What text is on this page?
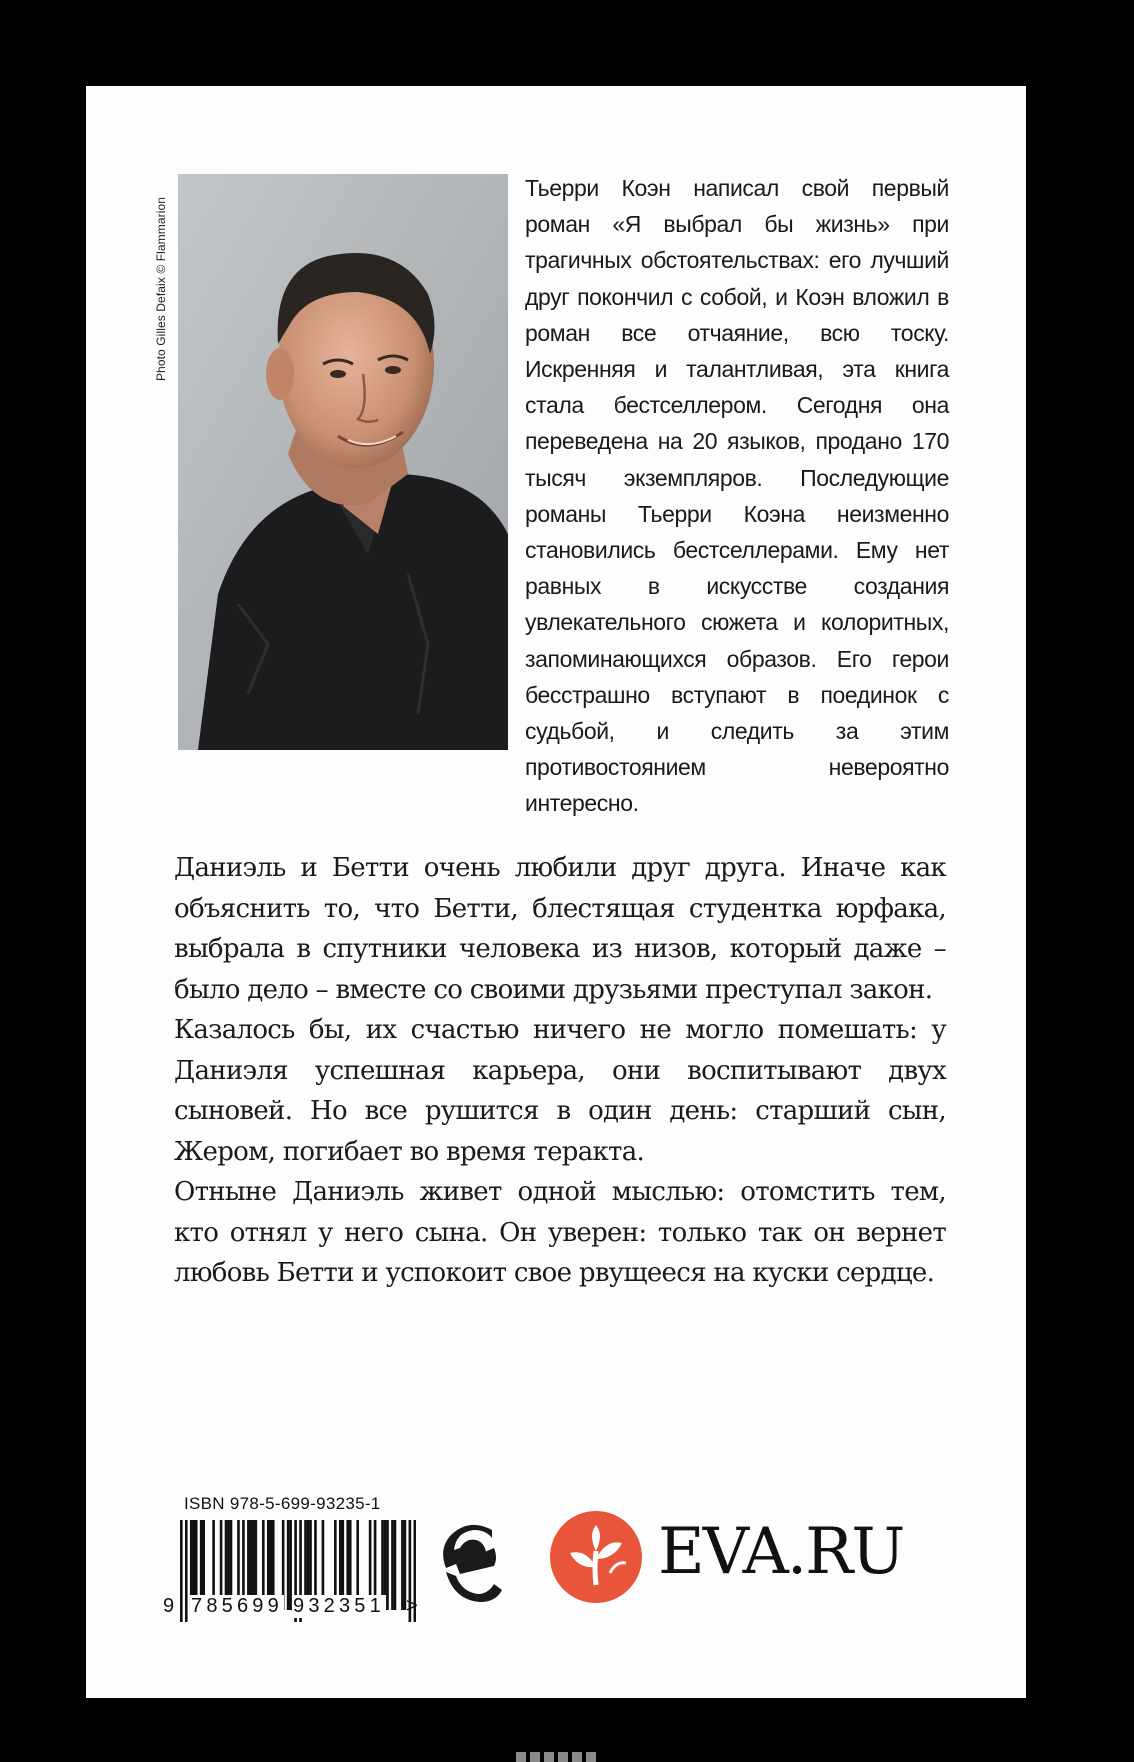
Photo Gilles Defaix © Flammarion
Тьерри Коэн написал свой первый роман «Я выбрал бы жизнь» при трагичных обстоятельствах: его лучший друг покончил с собой, и Коэн вложил в роман все отчаяние, всю тоску. Искренняя и талантливая, эта книга стала бестселлером. Сегодня она переведена на 20 языков, продано 170 тысяч экземпляров. Последующие романы Тьерри Коэна неизменно становились бестселлерами. Ему нет равных в искусстве создания увлекательного сюжета и колоритных, запоминающихся образов. Его герои бесстрашно вступают в поединок с судьбой, и следить за этим противостоянием невероятно интересно.

Даниэль и Бетти очень любили друг друга. Иначе как объяснить то, что Бетти, блестящая студентка юрфака, выбрала в спутники человека из низов, который даже – было дело – вместе со своими друзьями преступал закон.

Казалось бы, их счастью ничего не могло помешать: у Даниэля успешная карьера, они воспитывают двух сыновей. Но все рушится в один день: старший сын, Жером, погибает во время теракта.

Отныне Даниэль живет одной мыслью: отомстить тем, кто отнял у него сына. Он уверен: только так он вернет любовь Бетти и успокоит свое рвущееся на куски сердце.

ISBN 978-5-699-93235-1
9 785699 932351 >
EVA.RU
